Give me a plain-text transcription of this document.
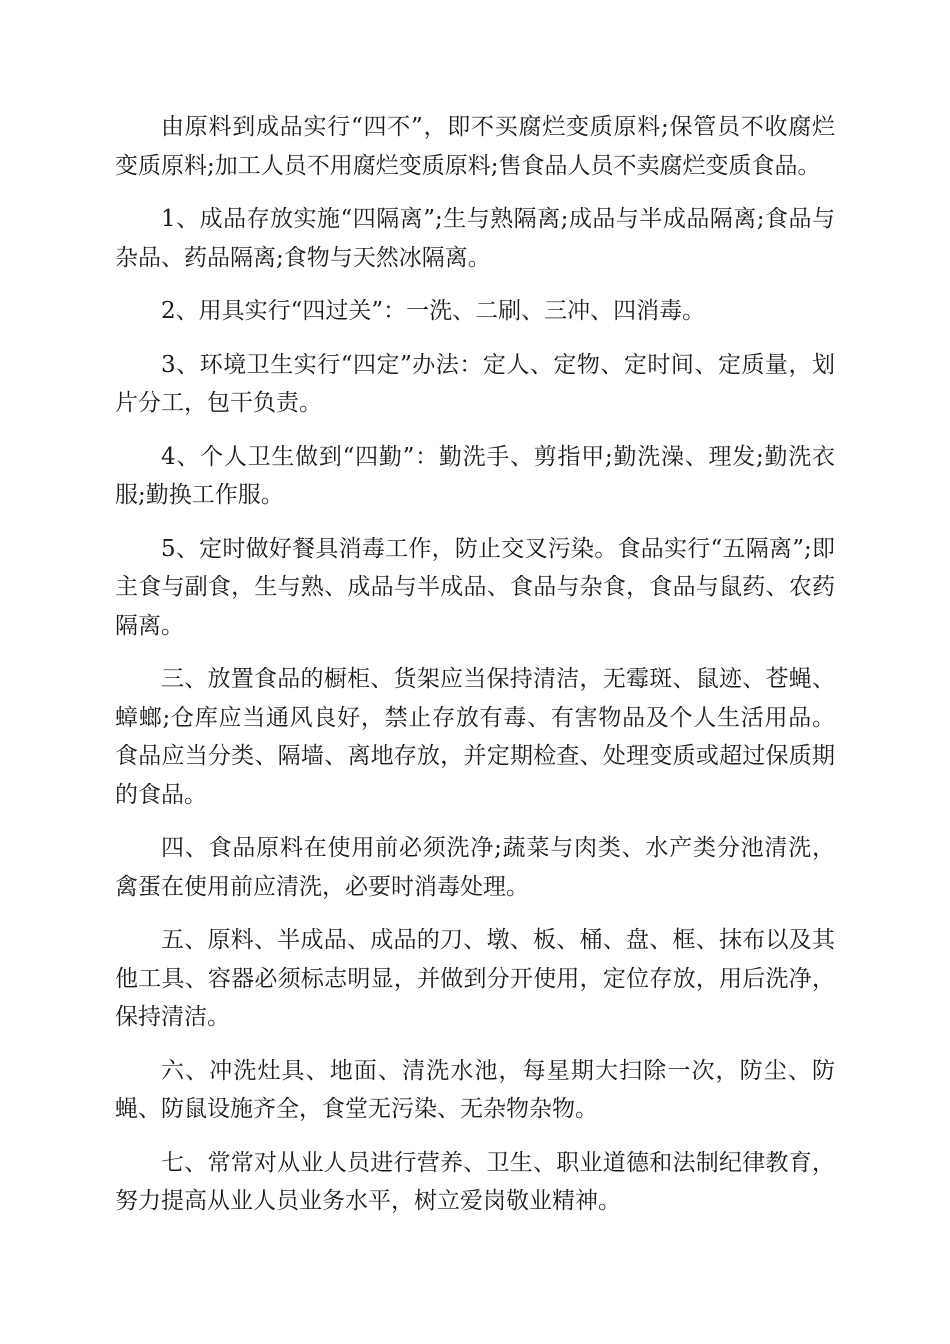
由原料到成品实行“四不”，即不买腐烂变质原料;保管员不收腐烂变质原料;加工人员不用腐烂变质原料;售食品人员不卖腐烂变质食品。

1、成品存放实施“四隔离”;生与熟隔离;成品与半成品隔离;食品与杂品、药品隔离;食物与天然冰隔离。

2、用具实行“四过关”：一洗、二刷、三冲、四消毒。

3、环境卫生实行“四定”办法：定人、定物、定时间、定质量，划片分工，包干负责。

4、个人卫生做到“四勤”：勤洗手、剪指甲;勤洗澡、理发;勤洗衣服;勤换工作服。

5、定时做好餐具消毒工作，防止交叉污染。食品实行“五隔离”;即主食与副食，生与熟、成品与半成品、食品与杂食，食品与鼠药、农药隔离。

三、放置食品的橱柜、货架应当保持清洁，无霉斑、鼠迹、苍蝇、蟑螂;仓库应当通风良好，禁止存放有毒、有害物品及个人生活用品。食品应当分类、隔墙、离地存放，并定期检查、处理变质或超过保质期的食品。

四、食品原料在使用前必须洗净;蔬菜与肉类、水产类分池清洗，禽蛋在使用前应清洗，必要时消毒处理。

五、原料、半成品、成品的刀、墩、板、桶、盘、框、抹布以及其他工具、容器必须标志明显，并做到分开使用，定位存放，用后洗净，保持清洁。

六、冲洗灶具、地面、清洗水池，每星期大扫除一次，防尘、防蝇、防鼠设施齐全，食堂无污染、无杂物杂物。

七、常常对从业人员进行营养、卫生、职业道德和法制纪律教育，努力提高从业人员业务水平，树立爱岗敬业精神。
